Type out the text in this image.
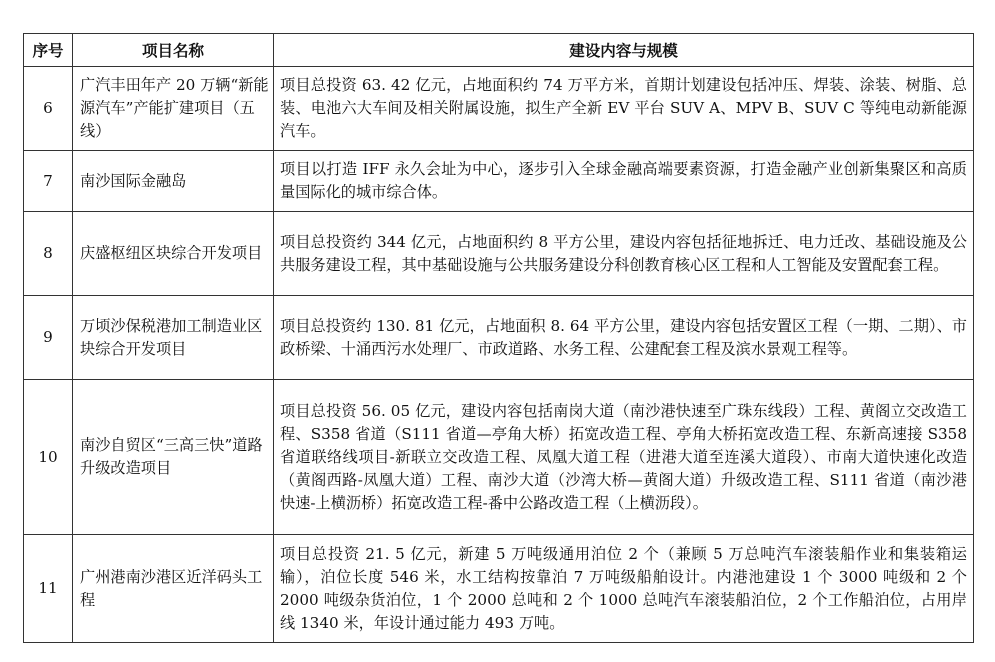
序号	项目名称	建设内容与规模
6	广汽丰田年产 20 万辆“新能源汽车”产能扩建项目（五线）	项目总投资 63. 42 亿元，占地面积约 74 万平方米，首期计划建设包括冲压、焊装、涂装、树脂、总装、电池六大车间及相关附属设施，拟生产全新 EV 平台 SUV A、MPV B、SUV C 等纯电动新能源汽车。
7	南沙国际金融岛	项目以打造 IFF 永久会址为中心，逐步引入全球金融高端要素资源，打造金融产业创新集聚区和高质量国际化的城市综合体。
8	庆盛枢纽区块综合开发项目	项目总投资约 344 亿元，占地面积约 8 平方公里，建设内容包括征地拆迁、电力迁改、基础设施及公共服务建设工程，其中基础设施与公共服务建设分科创教育核心区工程和人工智能及安置配套工程。
9	万顷沙保税港加工制造业区块综合开发项目	项目总投资约 130. 81 亿元，占地面积 8. 64 平方公里，建设内容包括安置区工程（一期、二期）、市政桥梁、十涌西污水处理厂、市政道路、水务工程、公建配套工程及滨水景观工程等。
10	南沙自贸区“三高三快”道路升级改造项目	项目总投资 56. 05 亿元，建设内容包括南岗大道（南沙港快速至广珠东线段）工程、黄阁立交改造工程、S358 省道（S111 省道—亭角大桥）拓宽改造工程、亭角大桥拓宽改造工程、东新高速接 S358 省道联络线项目-新联立交改造工程、凤凰大道工程（进港大道至连溪大道段）、市南大道快速化改造（黄阁西路-凤凰大道）工程、南沙大道（沙湾大桥—黄阁大道）升级改造工程、S111 省道（南沙港快速-上横沥桥）拓宽改造工程-番中公路改造工程（上横沥段）。
11	广州港南沙港区近洋码头工程	项目总投资 21. 5 亿元，新建 5 万吨级通用泊位 2 个（兼顾 5 万总吨汽车滚装船作业和集装箱运输），泊位长度 546 米，水工结构按靠泊 7 万吨级船舶设计。内港池建设 1 个 3000 吨级和 2 个 2000 吨级杂货泊位，1 个 2000 总吨和 2 个 1000 总吨汽车滚装船泊位，2 个工作船泊位，占用岸线 1340 米，年设计通过能力 493 万吨。
